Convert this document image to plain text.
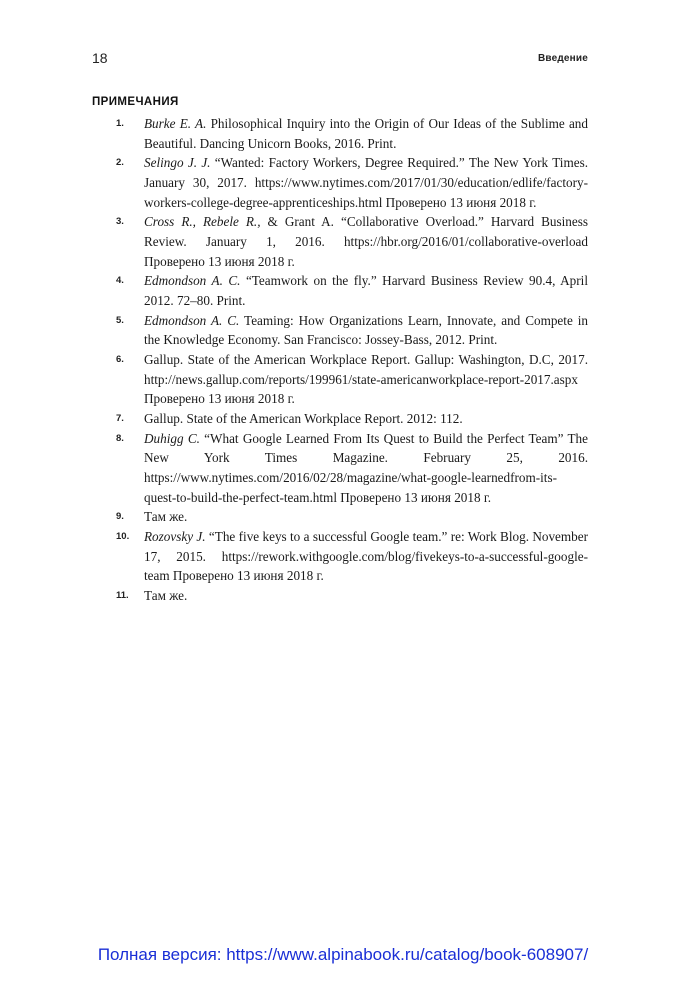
18	Введение
ПРИМЕЧАНИЯ
1.	Burke E. A. Philosophical Inquiry into the Origin of Our Ideas of the Sublime and Beautiful. Dancing Unicorn Books, 2016. Print.
2.	Selingo J. J. “Wanted: Factory Workers, Degree Required.” The New York Times. January 30, 2017. https://www.nytimes.com/2017/01/30/education/edlife/factory-workers-college-degree-apprenticeships.html Проверено 13 июня 2018 г.
3.	Cross R., Rebele R., & Grant A. “Collaborative Overload.” Harvard Business Review. January 1, 2016. https://hbr.org/2016/01/collaborative-overload Проверено 13 июня 2018 г.
4.	Edmondson A. C. “Teamwork on the fly.” Harvard Business Review 90.4, April 2012. 72–80. Print.
5.	Edmondson A. C. Teaming: How Organizations Learn, Innovate, and Compete in the Knowledge Economy. San Francisco: Jossey-Bass, 2012. Print.
6.	Gallup. State of the American Workplace Report. Gallup: Washington, D.C, 2017. http://news.gallup.com/reports/199961/state-americanworkplace-report-2017.aspx Проверено 13 июня 2018 г.
7.	Gallup. State of the American Workplace Report. 2012: 112.
8.	Duhigg C. “What Google Learned From Its Quest to Build the Perfect Team” The New York Times Magazine. February 25, 2016. https://www.nytimes.com/2016/02/28/magazine/what-google-learnedfrom-its-quest-to-build-the-perfect-team.html Проверено 13 июня 2018 г.
9.	Там же.
10.	Rozovsky J. “The five keys to a successful Google team.” re: Work Blog. November 17, 2015. https://rework.withgoogle.com/blog/fivekeys-to-a-successful-google-team Проверено 13 июня 2018 г.
11.	Там же.
Полная версия: https://www.alpinabook.ru/catalog/book-608907/
